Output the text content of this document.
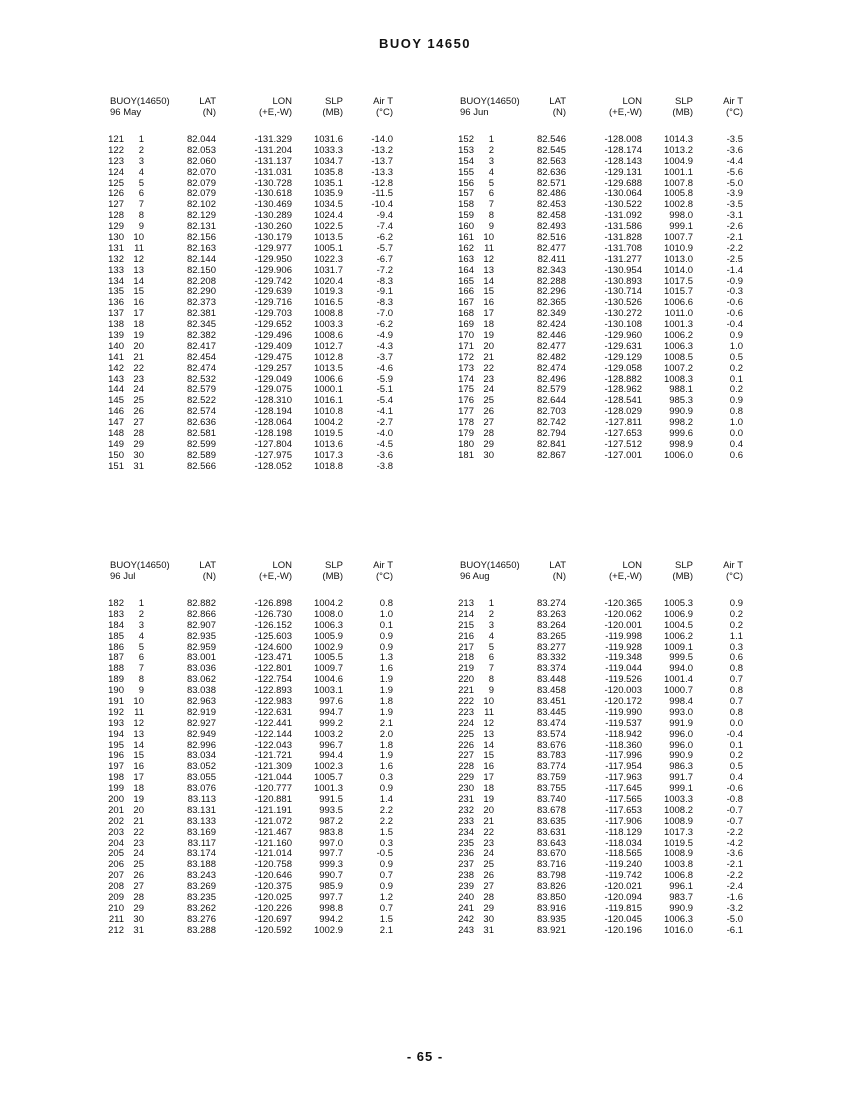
BUOY 14650
BUOY(14650)	LAT	LON	SLP	Air T
96 May	(N)	(+E,-W)	(MB)	(°C)
121	1	82.044	-131.329	1031.6	-14.0
122	2	82.053	-131.204	1033.3	-13.2
123	3	82.060	-131.137	1034.7	-13.7
124	4	82.070	-131.031	1035.8	-13.3
125	5	82.079	-130.728	1035.1	-12.8
126	6	82.079	-130.618	1035.9	-11.5
127	7	82.102	-130.469	1034.5	-10.4
128	8	82.129	-130.289	1024.4	-9.4
129	9	82.131	-130.260	1022.5	-7.4
130 10	82.156	-130.179	1013.5	-6.2
131	11	82.163	-129.977	1005.1	-5.7
132 12	82.144	-129.950	1022.3	-6.7
133 13	82.150	-129.906	1031.7	-7.2
134 14	82.208	-129.742	1020.4	-8.3
135 15	82.290	-129.639	1019.3	-9.1
136 16	82.373	-129.716	1016.5	-8.3
137 17	82.381	-129.703	1008.8	-7.0
138 18	82.345	-129.652	1003.3	-6.2
139 19	82.382	-129.496	1008.6	-4.9
140 20	82.417	-129.409	1012.7	-4.3
141 21	82.454	-129.475	1012.8	-3.7
142 22	82.474	-129.257	1013.5	-4.6
143 23	82.532	-129.049	1006.6	-5.9
144 24	82.579	-129.075	1000.1	-5.1
145 25	82.522	-128.310	1016.1	-5.4
146 26	82.574	-128.194	1010.8	-4.1
147 27	82.636	-128.064	1004.2	-2.7
148 28	82.581	-128.198	1019.5	-4.0
149 29	82.599	-127.804	1013.6	-4.5
150 30	82.589	-127.975	1017.3	-3.6
151 31	82.566	-128.052	1018.8	-3.8
BUOY(14650)	LAT	LON	SLP	Air T
96 Jun	(N)	(+E,-W)	(MB)	(°C)
152	1	82.546	-128.008	1014.3	-3.5
153	2	82.545	-128.174	1013.2	-3.6
154	3	82.563	-128.143	1004.9	-4.4
155	4	82.636	-129.131	1001.1	-5.6
156	5	82.571	-129.688	1007.8	-5.0
157	6	82.486	-130.064	1005.8	-3.9
158	7	82.453	-130.522	1002.8	-3.5
159	8	82.458	-131.092	998.0	-3.1
160	9	82.493	-131.586	999.1	-2.6
161 10	82.516	-131.828	1007.7	-2.1
162	11	82.477	-131.708	1010.9	-2.2
163 12	82.411	-131.277	1013.0	-2.5
164 13	82.343	-130.954	1014.0	-1.4
165 14	82.288	-130.893	1017.5	-0.9
166 15	82.296	-130.714	1015.7	-0.3
167 16	82.365	-130.526	1006.6	-0.6
168 17	82.349	-130.272	1011.0	-0.6
169 18	82.424	-130.108	1001.3	-0.4
170 19	82.446	-129.960	1006.2	0.9
171 20	82.477	-129.631	1006.3	1.0
172 21	82.482	-129.129	1008.5	0.5
173 22	82.474	-129.058	1007.2	0.2
174 23	82.496	-128.882	1008.3	0.1
175 24	82.579	-128.962	988.1	0.2
176 25	82.644	-128.541	985.3	0.9
177 26	82.703	-128.029	990.9	0.8
178 27	82.742	-127.811	998.2	1.0
179 28	82.794	-127.653	999.6	0.0
180 29	82.841	-127.512	998.9	0.4
181 30	82.867	-127.001	1006.0	0.6
BUOY(14650)	LAT	LON	SLP	Air T
96 Jul	(N)	(+E,-W)	(MB)	(°C)
182	1	82.882	-126.898	1004.2	0.8
183	2	82.866	-126.730	1008.0	1.0
184	3	82.907	-126.152	1006.3	0.1
185	4	82.935	-125.603	1005.9	0.9
186	5	82.959	-124.600	1002.9	0.9
187	6	83.001	-123.471	1005.5	1.3
188	7	83.036	-122.801	1009.7	1.6
189	8	83.062	-122.754	1004.6	1.9
190	9	83.038	-122.893	1003.1	1.9
191 10	82.963	-122.983	997.6	1.8
192	11	82.919	-122.631	994.7	1.9
193 12	82.927	-122.441	999.2	2.1
194 13	82.949	-122.144	1003.2	2.0
195 14	82.996	-122.043	996.7	1.8
196 15	83.034	-121.721	994.4	1.9
197 16	83.052	-121.309	1002.3	1.6
198 17	83.055	-121.044	1005.7	0.3
199 18	83.076	-120.777	1001.3	0.9
200 19	83.113	-120.881	991.5	1.4
201 20	83.131	-121.191	993.5	2.2
202 21	83.133	-121.072	987.2	2.2
203 22	83.169	-121.467	983.8	1.5
204 23	83.117	-121.160	997.0	0.3
205 24	83.174	-121.014	997.7	-0.5
206 25	83.188	-120.758	999.3	0.9
207 26	83.243	-120.646	990.7	0.7
208 27	83.269	-120.375	985.9	0.9
209 28	83.235	-120.025	997.7	1.2
210 29	83.262	-120.226	998.8	0.7
211 30	83.276	-120.697	994.2	1.5
212 31	83.288	-120.592	1002.9	2.1
BUOY(14650)	LAT	LON	SLP	Air T
96 Aug	(N)	(+E,-W)	(MB)	(°C)
213	1	83.274	-120.365	1005.3	0.9
214	2	83.263	-120.062	1006.9	0.2
215	3	83.264	-120.001	1004.5	0.2
216	4	83.265	-119.998	1006.2	1.1
217	5	83.277	-119.928	1009.1	0.3
218	6	83.332	-119.348	999.5	0.6
219	7	83.374	-119.044	994.0	0.8
220	8	83.448	-119.526	1001.4	0.7
221	9	83.458	-120.003	1000.7	0.8
222 10	83.451	-120.172	998.4	0.7
223	11	83.445	-119.990	993.0	0.8
224 12	83.474	-119.537	991.9	0.0
225 13	83.574	-118.942	996.0	-0.4
226 14	83.676	-118.360	996.0	0.1
227 15	83.783	-117.996	990.9	0.2
228 16	83.774	-117.954	986.3	0.5
229 17	83.759	-117.963	991.7	0.4
230 18	83.755	-117.645	999.1	-0.6
231 19	83.740	-117.565	1003.3	-0.8
232 20	83.678	-117.653	1008.2	-0.7
233 21	83.635	-117.906	1008.9	-0.7
234 22	83.631	-118.129	1017.3	-2.2
235 23	83.643	-118.034	1019.5	-4.2
236 24	83.670	-118.565	1008.9	-3.6
237 25	83.716	-119.240	1003.8	-2.1
238 26	83.798	-119.742	1006.8	-2.2
239 27	83.826	-120.021	996.1	-2.4
240 28	83.850	-120.094	983.7	-1.6
241 29	83.916	-119.815	990.9	-3.2
242 30	83.935	-120.045	1006.3	-5.0
243 31	83.921	-120.196	1016.0	-6.1
- 65 -
